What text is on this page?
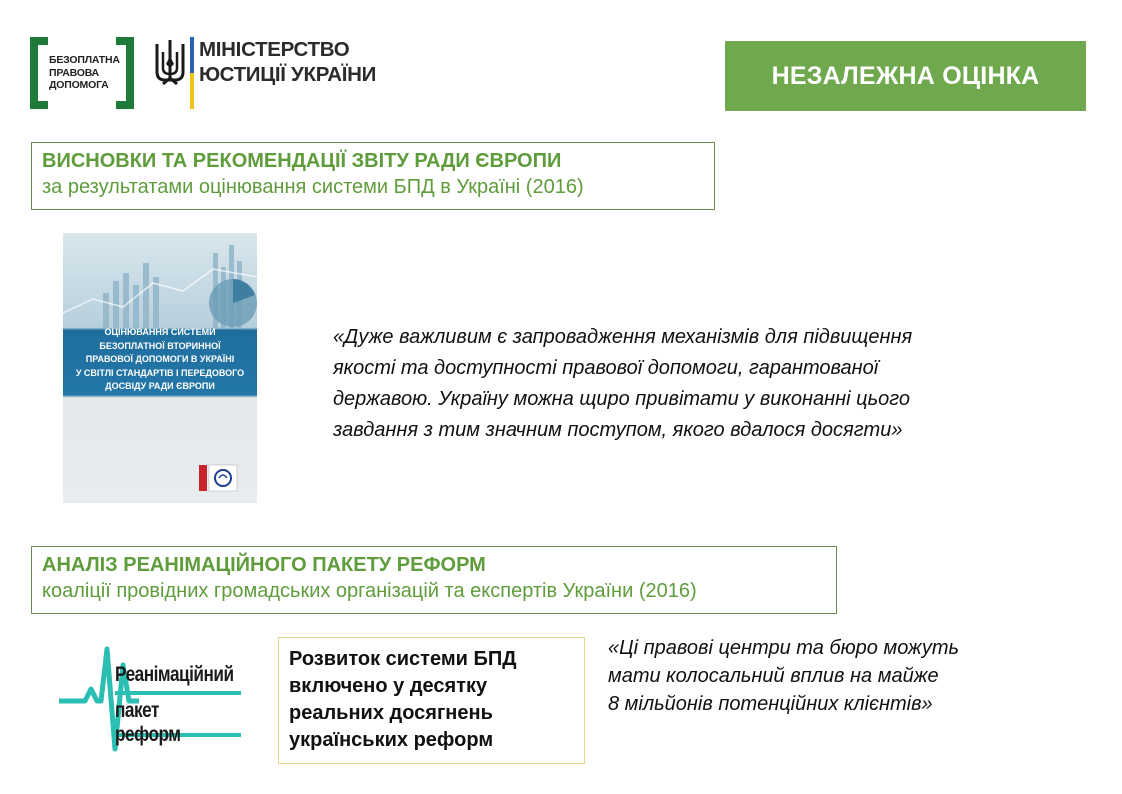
БЕЗОПЛАТНА
ПРАВОВА
ДОПОМОГА
МІНІСТЕРСТВО
ЮСТИЦІЇ УКРАЇНИ	НЕЗАЛЕЖНА ОЦІНКА
ВИСНОВКИ ТА РЕКОМЕНДАЦІЇ ЗВІТУ РАДИ ЄВРОПИ
за результатами оцінювання системи БПД в Україні (2016)
ОЦІНЮВАННЯ СИСТЕМИ
БЕЗОПЛАТНОЇ ВТОРИННОЇ
ПРАВОВОЇ ДОПОМОГИ В УКРАЇНІ
У СВІТЛІ СТАНДАРТІВ І ПЕРЕДОВОГО
ДОСВІДУ РАДИ ЄВРОПИ
«Дуже важливим є запровадження механізмів для підвищення
якості та доступності правової допомоги, гарантованої
державою. Україну можна щиро привітати у виконанні цього
завдання з тим значним поступом, якого вдалося досягти»
АНАЛІЗ РЕАНІМАЦІЙНОГО ПАКЕТУ РЕФОРМ
коаліції провідних громадських організацій та експертів України (2016)
Реанімаційний
пакет реформ
Розвиток системи БПД
включено у десятку
реальних досягнень
українських реформ
«Ці правові центри та бюро можуть
мати колосальний вплив на майже
8 мільйонів потенційних клієнтів»
